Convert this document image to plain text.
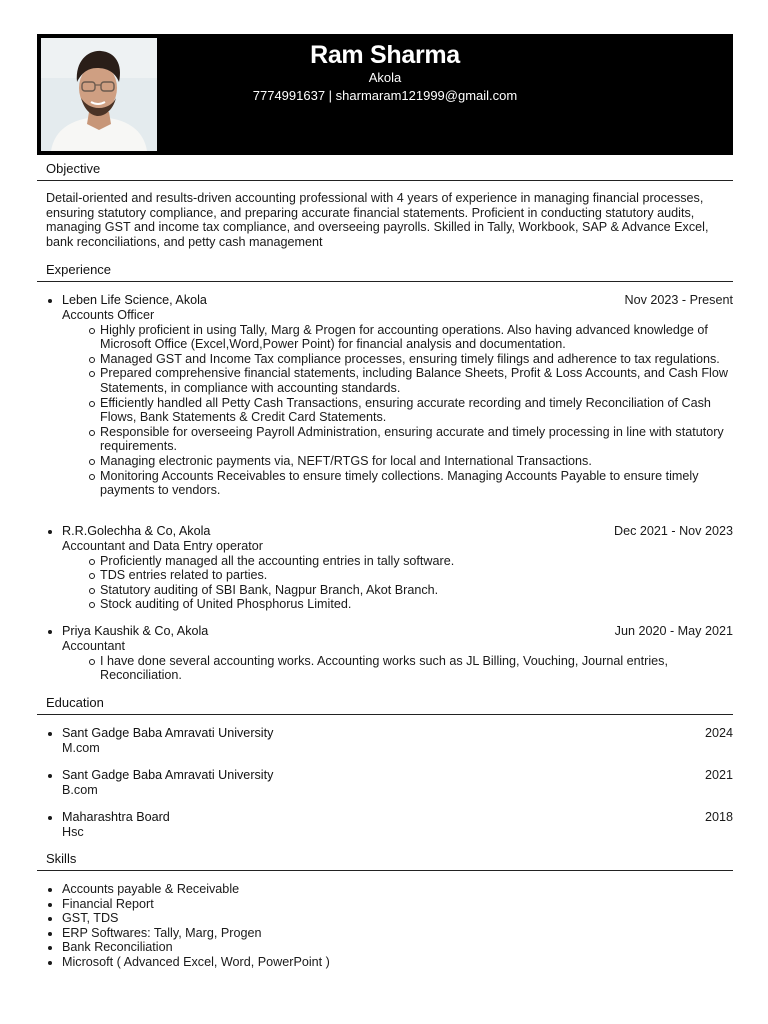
Ram Sharma
Akola
7774991637 | sharmaram121999@gmail.com
Objective
Detail-oriented and results-driven accounting professional with 4 years of experience in managing financial processes, ensuring statutory compliance, and preparing accurate financial statements. Proficient in conducting statutory audits, managing GST and income tax compliance, and overseeing payrolls. Skilled in Tally, Workbook, SAP & Advance Excel, bank reconciliations, and petty cash management
Experience
Leben Life Science, Akola	Nov 2023 - Present
Accounts Officer
Highly proficient in using Tally, Marg & Progen for accounting operations. Also having advanced knowledge of Microsoft Office (Excel,Word,Power Point) for financial analysis and documentation.
Managed GST and Income Tax compliance processes, ensuring timely filings and adherence to tax regulations.
Prepared comprehensive financial statements, including Balance Sheets, Profit & Loss Accounts, and Cash Flow Statements, in compliance with accounting standards.
Efficiently handled all Petty Cash Transactions, ensuring accurate recording and timely Reconciliation of Cash Flows, Bank Statements & Credit Card Statements.
Responsible for overseeing Payroll Administration, ensuring accurate and timely processing in line with statutory requirements.
Managing electronic payments via, NEFT/RTGS for local and International Transactions.
Monitoring Accounts Receivables to ensure timely collections. Managing Accounts Payable to ensure timely payments to vendors.
R.R.Golechha & Co, Akola	Dec 2021 - Nov 2023
Accountant and Data Entry operator
Proficiently managed all the accounting entries in tally software.
TDS entries related to parties.
Statutory auditing of SBI Bank, Nagpur Branch, Akot Branch.
Stock auditing of United Phosphorus Limited.
Priya Kaushik & Co, Akola	Jun 2020 - May 2021
Accountant
I have done several accounting works. Accounting works such as JL Billing, Vouching, Journal entries, Reconciliation.
Education
Sant Gadge Baba Amravati University	2024
M.com
Sant Gadge Baba Amravati University	2021
B.com
Maharashtra Board	2018
Hsc
Skills
Accounts payable & Receivable
Financial Report
GST, TDS
ERP Softwares: Tally, Marg, Progen
Bank Reconciliation
Microsoft ( Advanced Excel, Word, PowerPoint )
